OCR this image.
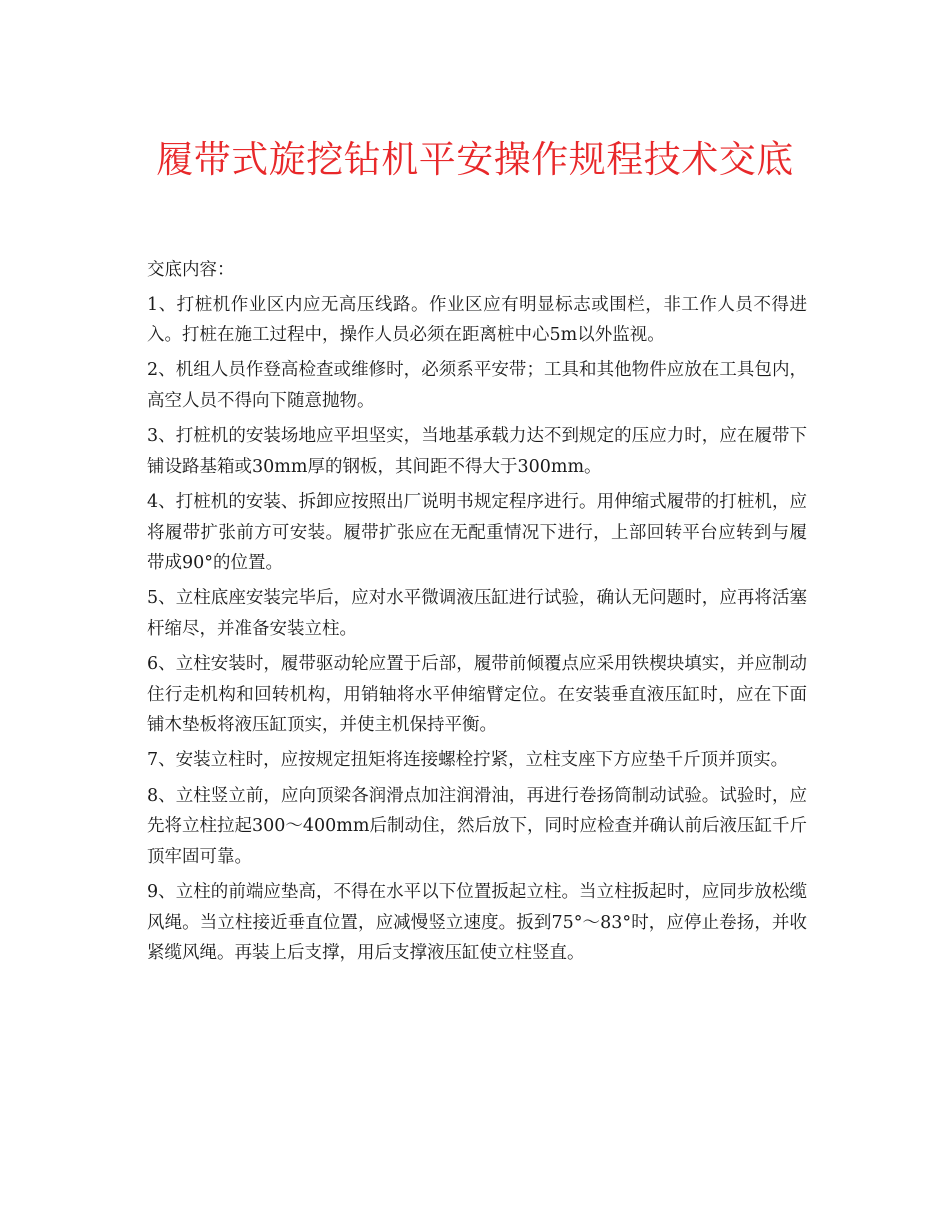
履带式旋挖钻机平安操作规程技术交底

交底内容：

1、打桩机作业区内应无高压线路。作业区应有明显标志或围栏，非工作人员不得进入。打桩在施工过程中，操作人员必须在距离桩中心5m以外监视。

2、机组人员作登高检查或维修时，必须系平安带；工具和其他物件应放在工具包内，高空人员不得向下随意抛物。

3、打桩机的安装场地应平坦坚实，当地基承载力达不到规定的压应力时，应在履带下铺设路基箱或30mm厚的钢板，其间距不得大于300mm。

4、打桩机的安装、拆卸应按照出厂说明书规定程序进行。用伸缩式履带的打桩机，应将履带扩张前方可安装。履带扩张应在无配重情况下进行，上部回转平台应转到与履带成90°的位置。

5、立柱底座安装完毕后，应对水平微调液压缸进行试验，确认无问题时，应再将活塞杆缩尽，并准备安装立柱。

6、立柱安装时，履带驱动轮应置于后部，履带前倾覆点应采用铁楔块填实，并应制动住行走机构和回转机构，用销轴将水平伸缩臂定位。在安装垂直液压缸时，应在下面铺木垫板将液压缸顶实，并使主机保持平衡。

7、安装立柱时，应按规定扭矩将连接螺栓拧紧，立柱支座下方应垫千斤顶并顶实。

8、立柱竖立前，应向顶梁各润滑点加注润滑油，再进行卷扬筒制动试验。试验时，应先将立柱拉起300～400mm后制动住，然后放下，同时应检查并确认前后液压缸千斤顶牢固可靠。

9、立柱的前端应垫高，不得在水平以下位置扳起立柱。当立柱扳起时，应同步放松缆风绳。当立柱接近垂直位置，应减慢竖立速度。扳到75°～83°时，应停止卷扬，并收紧缆风绳。再装上后支撑，用后支撑液压缸使立柱竖直。
